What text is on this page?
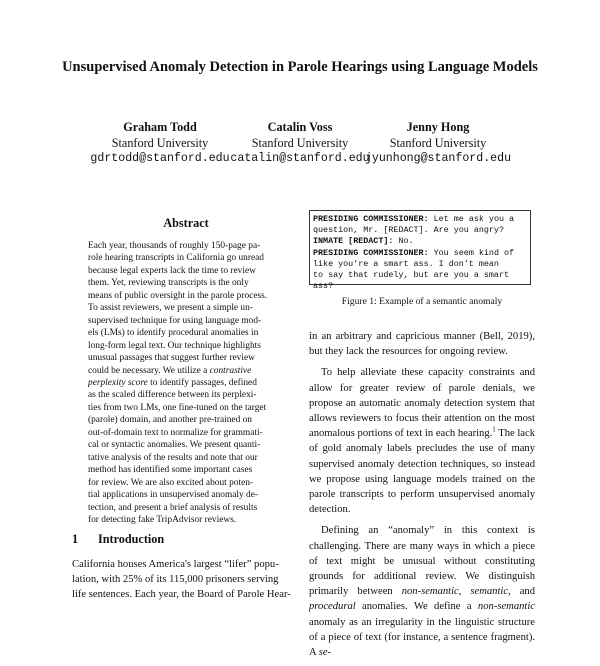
Unsupervised Anomaly Detection in Parole Hearings using Language Models
Graham Todd
Stanford University
gdrtodd@stanford.edu
Catalin Voss
Stanford University
catalin@stanford.edu
Jenny Hong
Stanford University
jyunhong@stanford.edu
Abstract
Each year, thousands of roughly 150-page pa-
role hearing transcripts in California go unread
because legal experts lack the time to review
them. Yet, reviewing transcripts is the only
means of public oversight in the parole process.
To assist reviewers, we present a simple un-
supervised technique for using language mod-
els (LMs) to identify procedural anomalies in
long-form legal text. Our technique highlights
unusual passages that suggest further review
could be necessary. We utilize a contrastive
perplexity score to identify passages, defined
as the scaled difference between its perplexi-
ties from two LMs, one fine-tuned on the target
(parole) domain, and another pre-trained on
out-of-domain text to normalize for grammati-
cal or syntactic anomalies. We present quanti-
tative analysis of the results and note that our
method has identified some important cases
for review. We are also excited about poten-
tial applications in unsupervised anomaly de-
tection, and present a brief analysis of results
for detecting fake TripAdvisor reviews.
1 Introduction
California houses America's largest “lifer” popu-
lation, with 25% of its 115,000 prisoners serving
life sentences. Each year, the Board of Parole Hear-
PRESIDING COMMISSIONER: Let me ask you a
question, Mr. [REDACT]. Are you angry?
INMATE [REDACT]: No.
PRESIDING COMMISSIONER: You seem kind of
like you're a smart ass. I don't mean
to say that rudely, but are you a smart
ass?
Figure 1: Example of a semantic anomaly

in an arbitrary and capricious manner (Bell, 2019), but they lack the resources for ongoing review.

To help alleviate these capacity constraints and allow for greater review of parole denials, we propose an automatic anomaly detection system that allows reviewers to focus their attention on the most anomalous portions of text in each hearing.$^1$ The lack of gold anomaly labels precludes the use of many supervised anomaly detection techniques, so instead we propose using language models trained on the parole transcripts to perform unsupervised anomaly detection.

Defining an “anomaly” in this context is challenging. There are many ways in which a piece of text might be unusual without constituting grounds for additional review. We distinguish primarily between non-semantic, semantic, and procedural anomalies. We define a non-semantic anomaly as an irregularity in the linguistic structure of a piece of text (for instance, a sentence fragment). A se-
